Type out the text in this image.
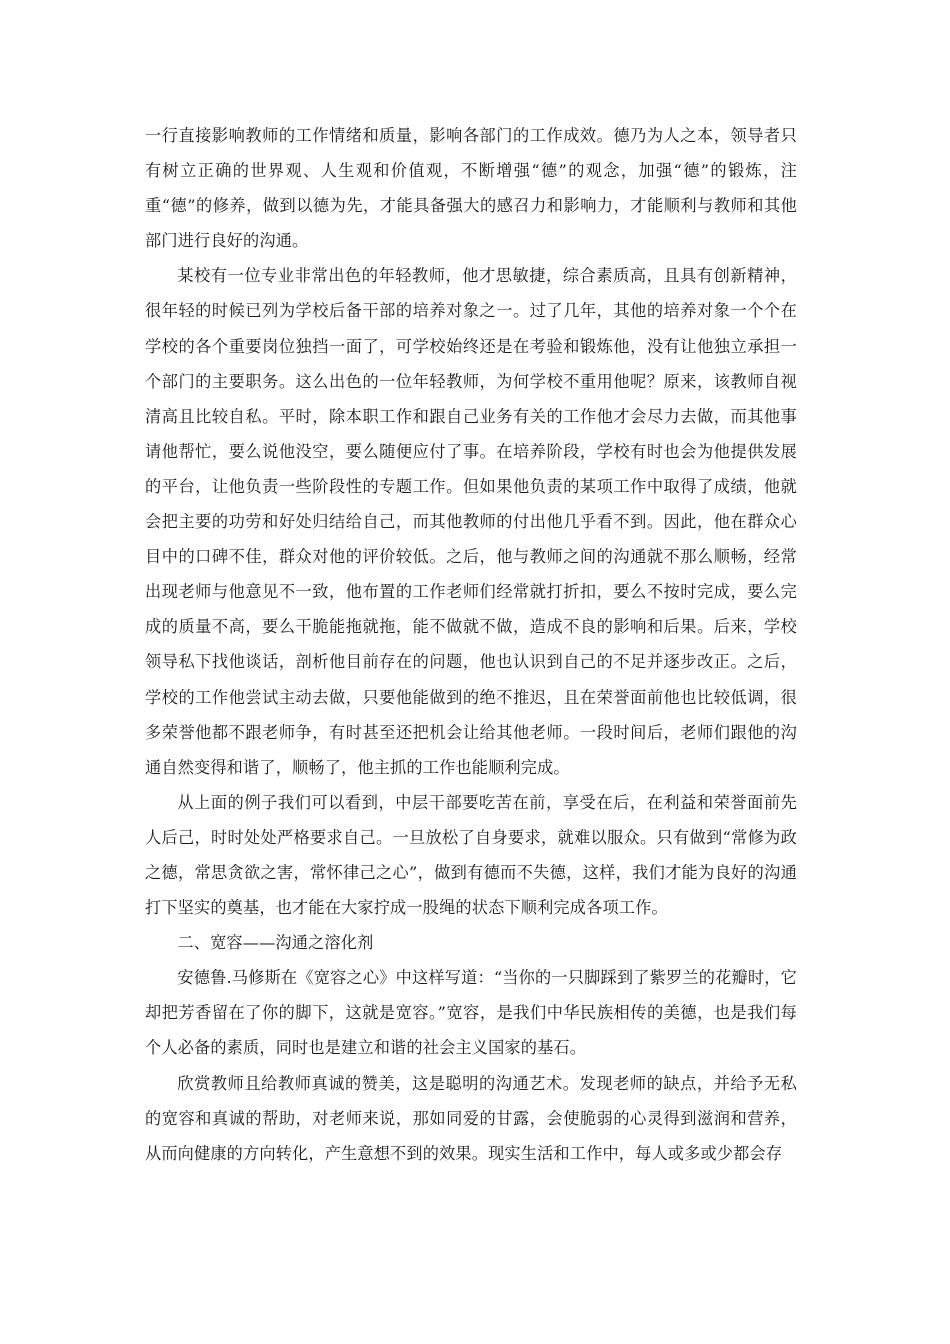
一行直接影响教师的工作情绪和质量，影响各部门的工作成效。德乃为人之本，领导者只有树立正确的世界观、人生观和价值观，不断增强“德”的观念，加强“德”的锻炼，注重“德”的修养，做到以德为先，才能具备强大的感召力和影响力，才能顺利与教师和其他部门进行良好的沟通。

某校有一位专业非常出色的年轻教师，他才思敏捷，综合素质高，且具有创新精神，很年轻的时候已列为学校后备干部的培养对象之一。过了几年，其他的培养对象一个个在学校的各个重要岗位独挡一面了，可学校始终还是在考验和锻炼他，没有让他独立承担一个部门的主要职务。这么出色的一位年轻教师，为何学校不重用他呢？原来，该教师自视清高且比较自私。平时，除本职工作和跟自己业务有关的工作他才会尽力去做，而其他事请他帮忙，要么说他没空，要么随便应付了事。在培养阶段，学校有时也会为他提供发展的平台，让他负责一些阶段性的专题工作。但如果他负责的某项工作中取得了成绩，他就会把主要的功劳和好处归结给自己，而其他教师的付出他几乎看不到。因此，他在群众心目中的口碑不佳，群众对他的评价较低。之后，他与教师之间的沟通就不那么顺畅，经常出现老师与他意见不一致，他布置的工作老师们经常就打折扣，要么不按时完成，要么完成的质量不高，要么干脆能拖就拖，能不做就不做，造成不良的影响和后果。后来，学校领导私下找他谈话，剖析他目前存在的问题，他也认识到自己的不足并逐步改正。之后，学校的工作他尝试主动去做，只要他能做到的绝不推迟，且在荣誉面前他也比较低调，很多荣誉他都不跟老师争，有时甚至还把机会让给其他老师。一段时间后，老师们跟他的沟通自然变得和谐了，顺畅了，他主抓的工作也能顺利完成。

从上面的例子我们可以看到，中层干部要吃苦在前，享受在后，在利益和荣誉面前先人后己，时时处处严格要求自己。一旦放松了自身要求，就难以服众。只有做到“常修为政之德，常思贪欲之害，常怀律己之心”，做到有德而不失德，这样，我们才能为良好的沟通打下坚实的奠基，也才能在大家拧成一股绳的状态下顺利完成各项工作。

二、宽容——沟通之溶化剂

安德鲁.马修斯在《宽容之心》中这样写道：“当你的一只脚踩到了紫罗兰的花瓣时，它却把芳香留在了你的脚下，这就是宽容。”宽容，是我们中华民族相传的美德，也是我们每个人必备的素质，同时也是建立和谐的社会主义国家的基石。

欣赏教师且给教师真诚的赞美，这是聪明的沟通艺术。发现老师的缺点，并给予无私的宽容和真诚的帮助，对老师来说，那如同爱的甘露，会使脆弱的心灵得到滋润和营养，从而向健康的方向转化，产生意想不到的效果。现实生活和工作中，每人或多或少都会存
